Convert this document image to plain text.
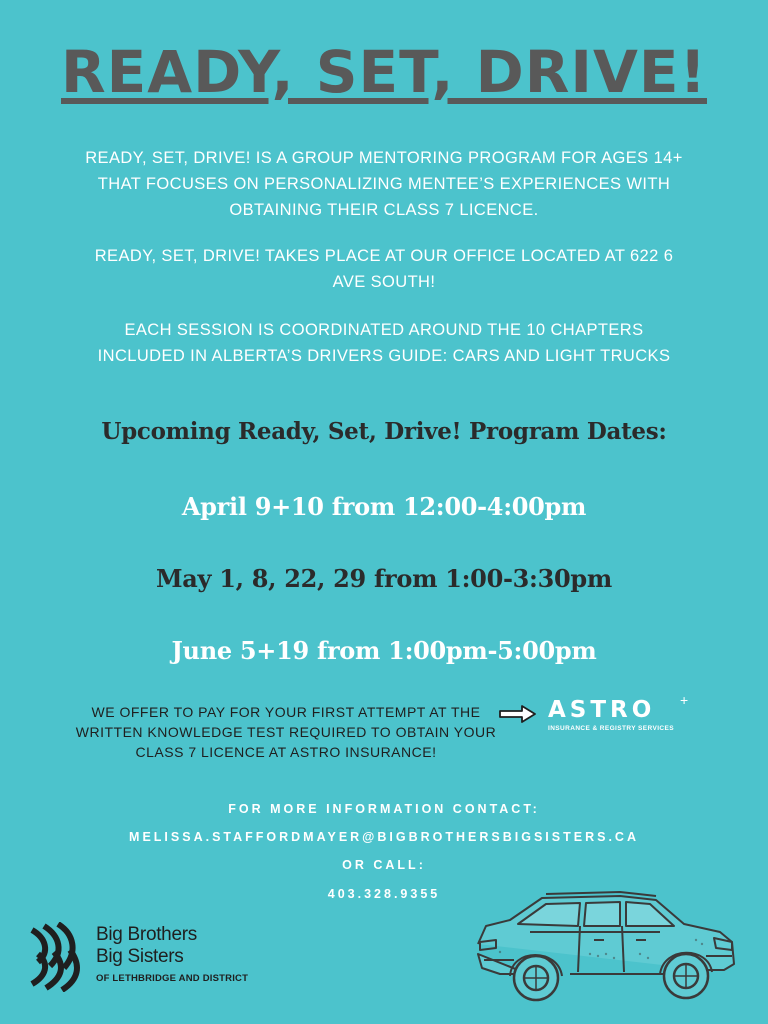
READY, SET, DRIVE!

READY, SET, DRIVE! IS A GROUP MENTORING PROGRAM FOR AGES 14+ THAT FOCUSES ON PERSONALIZING MENTEE’S EXPERIENCES WITH OBTAINING THEIR CLASS 7 LICENCE.

READY, SET, DRIVE! TAKES PLACE AT OUR OFFICE LOCATED AT 622 6 AVE SOUTH!

EACH SESSION IS COORDINATED AROUND THE 10 CHAPTERS INCLUDED IN ALBERTA’S DRIVERS GUIDE: CARS AND LIGHT TRUCKS

Upcoming Ready, Set, Drive! Program Dates:
April 9+10 from 12:00-4:00pm
May 1, 8, 22, 29 from 1:00-3:30pm
June 5+19 from 1:00pm-5:00pm
WE OFFER TO PAY FOR YOUR FIRST ATTEMPT AT THE WRITTEN KNOWLEDGE TEST REQUIRED TO OBTAIN YOUR CLASS 7 LICENCE AT ASTRO INSURANCE!
ASTRO
INSURANCE & REGISTRY SERVICES
+
FOR MORE INFORMATION CONTACT:
MELISSA.STAFFORDMAYER@BIGBROTHERSBIGSISTERS.CA
OR CALL:
403.328.9355
Big Brothers
Big Sisters
OF LETHBRIDGE AND DISTRICT
